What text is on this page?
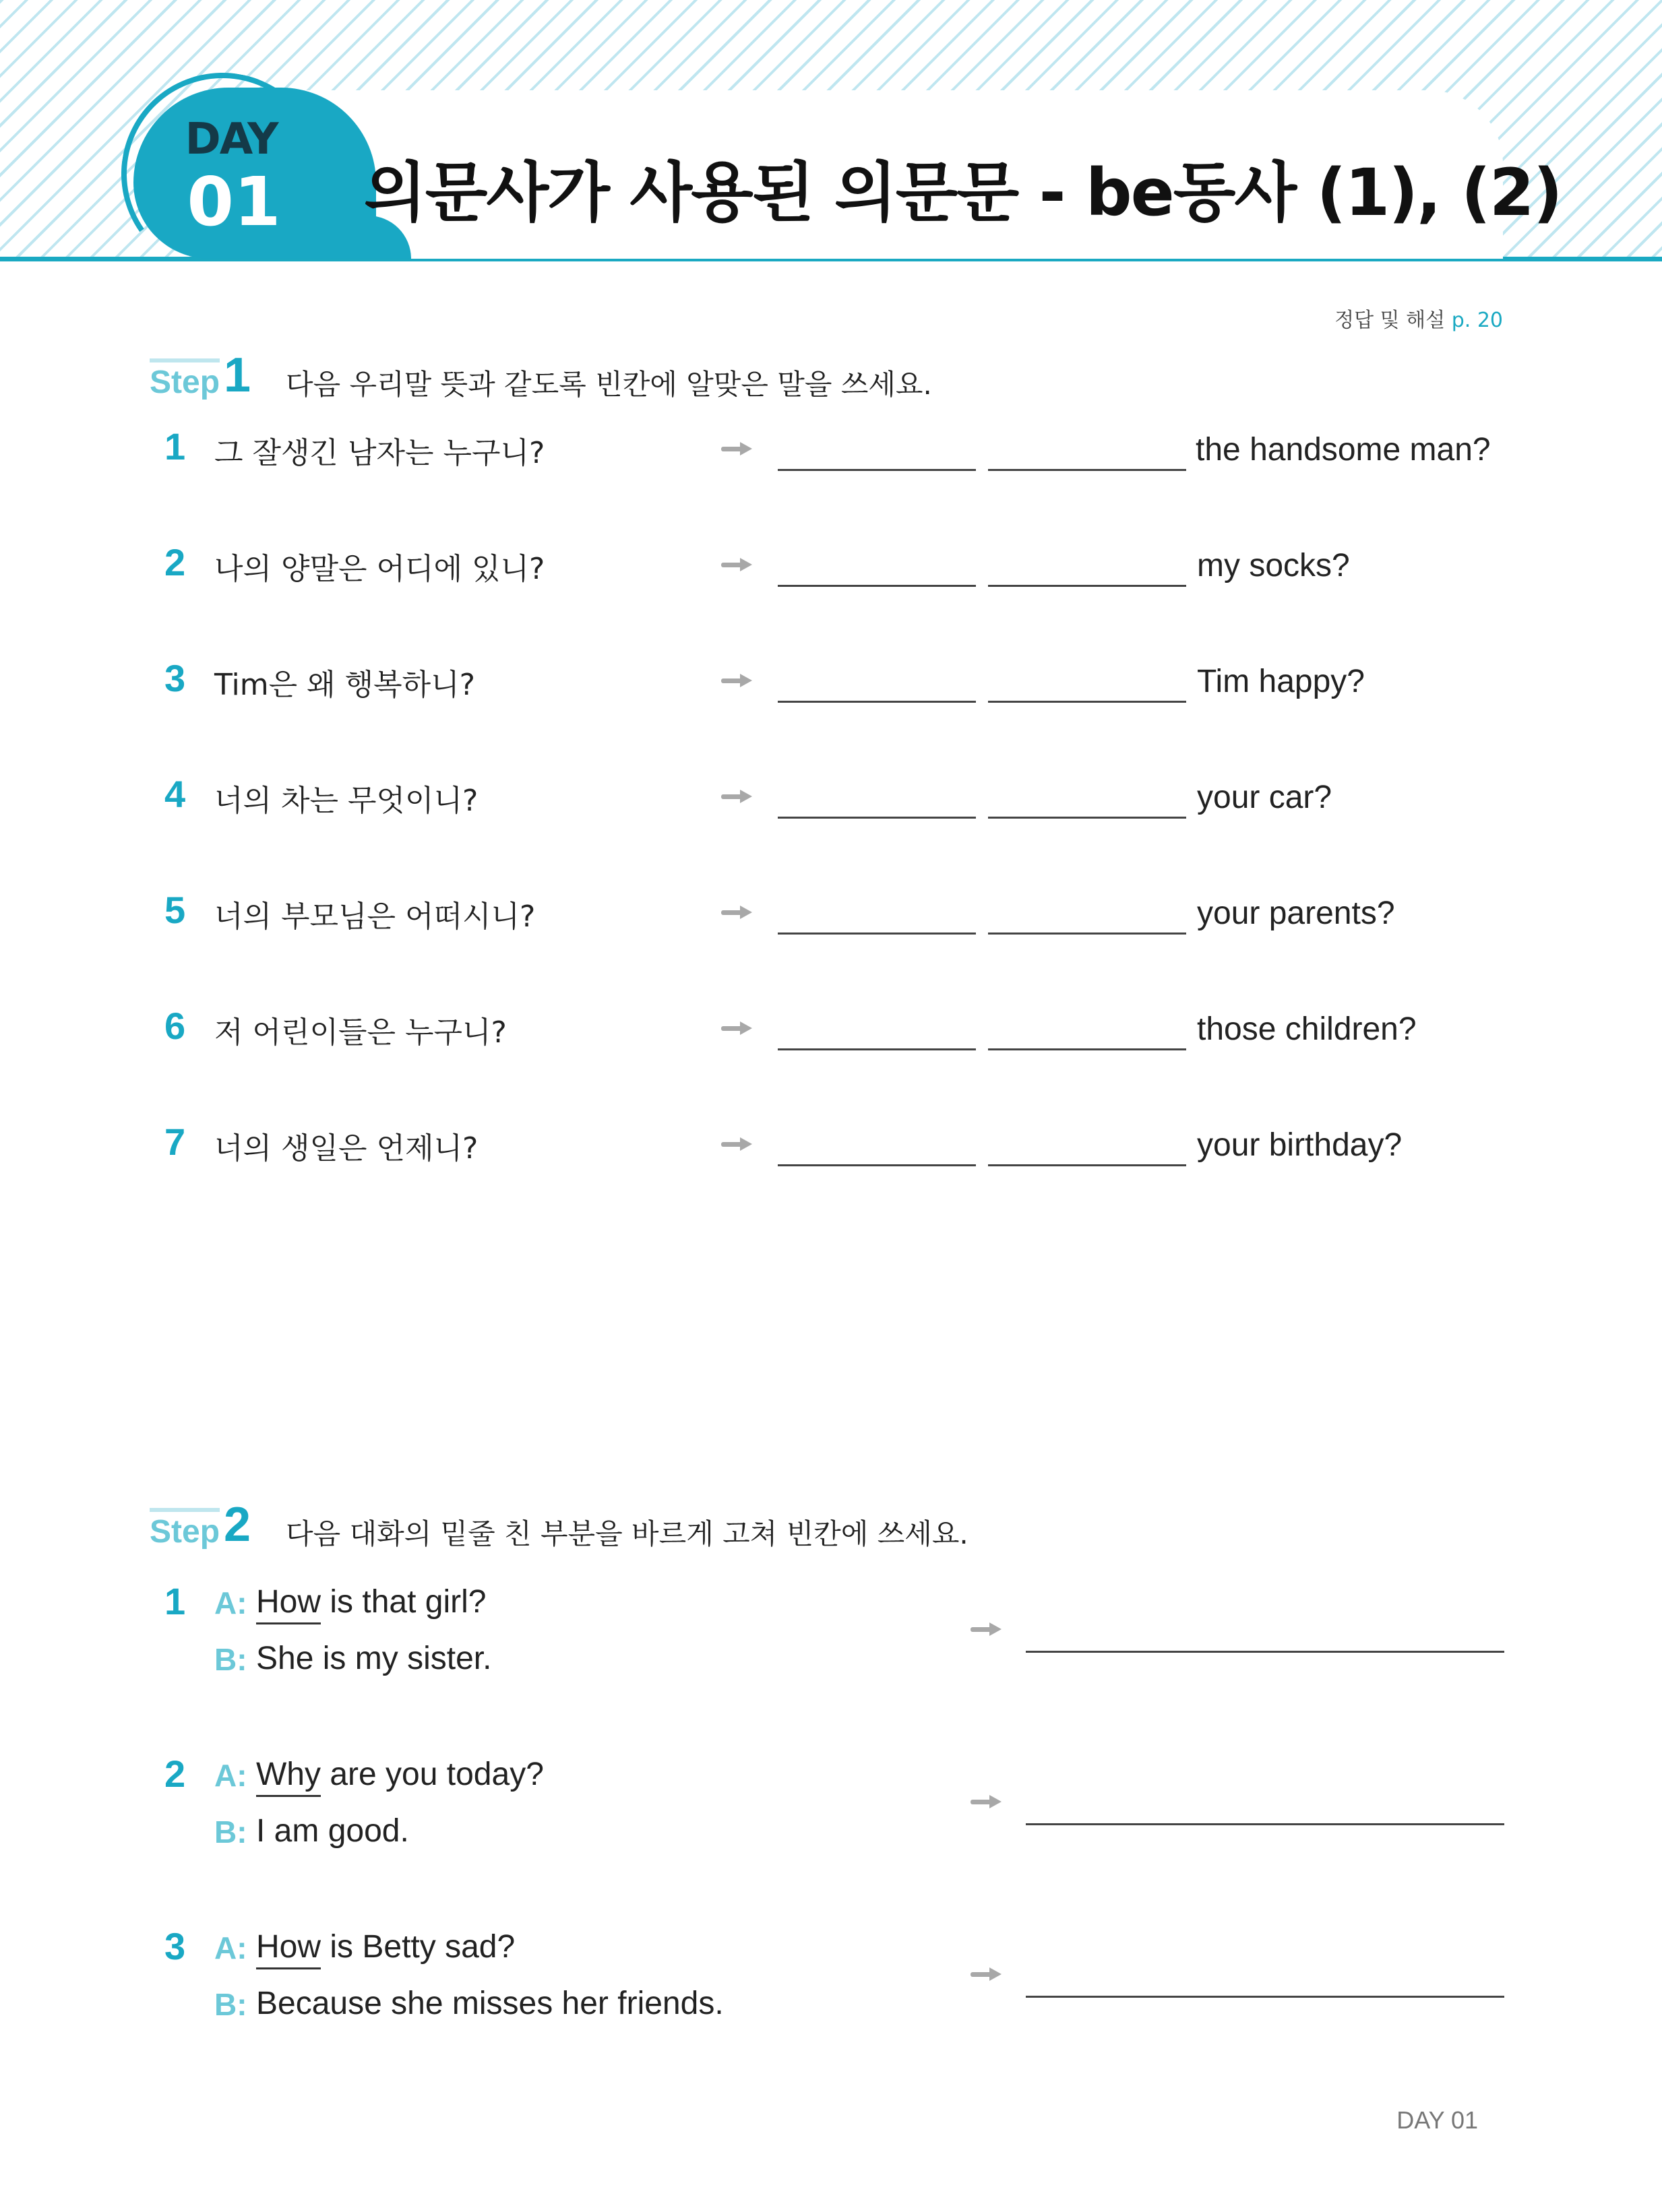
DAY
01 의문사가 사용된 의문문 - be동사 (1), (2)
정답 및 해설 p. 20
Step 1 다음 우리말 뜻과 같도록 빈칸에 알맞은 말을 쓰세요.
1 그 잘생긴 남자는 누구니?	the handsome man?
2 나의 양말은 어디에 있니?	my socks?
3 Tim은 왜 행복하니?	Tim happy?
4 너의 차는 무엇이니?	your car?
5 너의 부모님은 어떠시니?	your parents?
6 저 어린이들은 누구니?	those children?
7 너의 생일은 언제니?	your birthday?
Step 2 다음 대화의 밑줄 친 부분을 바르게 고쳐 빈칸에 쓰세요.
1 A: How is that girl?
B: She is my sister.
2 A: Why are you today?
B: I am good.
3 A: How is Betty sad?
B: Because she misses her friends.
DAY 01
